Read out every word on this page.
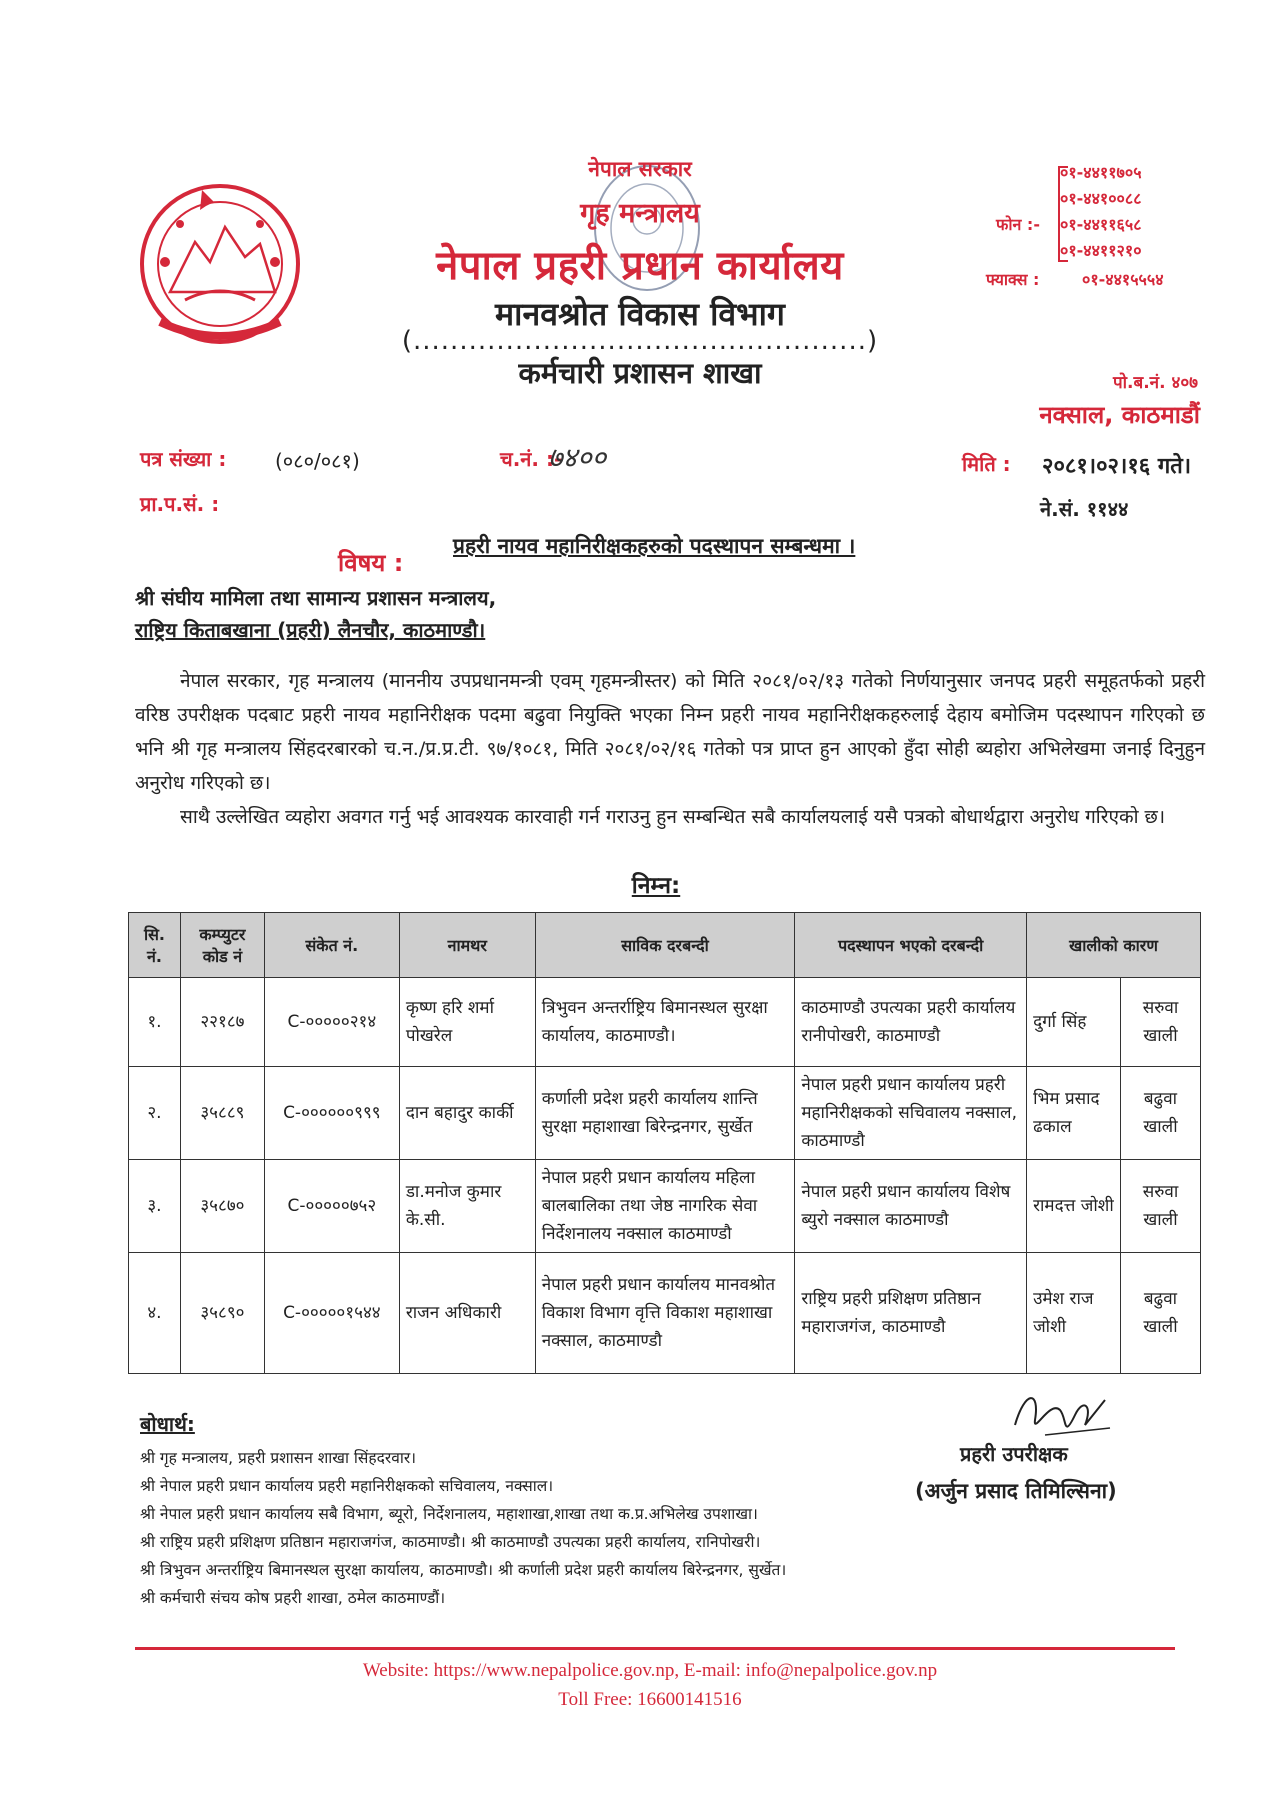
नेपाल सरकार
गृह मन्त्रालय
नेपाल प्रहरी प्रधान कार्यालय
मानवश्रोत विकास विभाग
(.................................................)
कर्मचारी प्रशासन शाखा
फोन :-
०१-४४११७०५
०१-४४१००८८
०१-४४११६५८
०१-४४११२१०
फ्याक्स :	०१-४४१५५५४
पो.ब.नं. ४०७
नक्साल, काठमाडौं
पत्र संख्या : (०८०/०८१)	च.नं. :-
७४००	मिति : २०८१।०२।१६ गते।
प्रा.प.सं. :	ने.सं. ११४४
विषय :
प्रहरी नायव महानिरीक्षकहरुको पदस्थापन सम्बन्धमा ।
श्री संघीय मामिला तथा सामान्य प्रशासन मन्त्रालय,
राष्ट्रिय किताबखाना (प्रहरी) लैनचौर, काठमाण्डौ।
नेपाल सरकार, गृह मन्त्रालय (माननीय उपप्रधानमन्त्री एवम् गृहमन्त्रीस्तर) को मिति २०८१/०२/१३ गतेको निर्णयानुसार जनपद प्रहरी समूहतर्फको प्रहरी वरिष्ठ उपरीक्षक पदबाट प्रहरी नायव महानिरीक्षक पदमा बढुवा नियुक्ति भएका निम्न प्रहरी नायव महानिरीक्षकहरुलाई देहाय बमोजिम पदस्थापन गरिएको छ भनि श्री गृह मन्त्रालय सिंहदरबारको च.न./प्र.प्र.टी. ९७/१०८१, मिति २०८१/०२/१६ गतेको पत्र प्राप्त हुन आएको हुँदा सोही ब्यहोरा अभिलेखमा जनाई दिनुहुन अनुरोध गरिएको छ।
साथै उल्लेखित व्यहोरा अवगत गर्नु भई आवश्यक कारवाही गर्न गराउनु हुन सम्बन्धित सबै कार्यालयलाई यसै पत्रको बोधार्थद्वारा अनुरोध गरिएको छ।
निम्न:
सि. नं.	कम्प्युटर कोड नं	संकेत नं.	नामथर	साविक दरबन्दी	पदस्थापन भएको दरबन्दी	खालीको कारण	
१.	२२१८७	C-०००००२१४	कृष्ण हरि शर्मा पोखरेल	त्रिभुवन अन्तर्राष्ट्रिय बिमानस्थल सुरक्षा कार्यालय, काठमाण्डौ।	काठमाण्डौ उपत्यका प्रहरी कार्यालय रानीपोखरी, काठमाण्डौ	दुर्गा सिंह	सरुवा खाली
२.	३५८८९	C-००००००९९९	दान बहादुर कार्की	कर्णाली प्रदेश प्रहरी कार्यालय शान्ति सुरक्षा महाशाखा बिरेन्द्रनगर, सुर्खेत	नेपाल प्रहरी प्रधान कार्यालय प्रहरी महानिरीक्षकको सचिवालय नक्साल, काठमाण्डौ	भिम प्रसाद ढकाल	बढुवा खाली
३.	३५८७०	C-०००००७५२	डा.मनोज कुमार के.सी.	नेपाल प्रहरी प्रधान कार्यालय महिला बालबालिका तथा जेष्ठ नागरिक सेवा निर्देशनालय नक्साल काठमाण्डौ	नेपाल प्रहरी प्रधान कार्यालय विशेष ब्युरो नक्साल काठमाण्डौ	रामदत्त जोशी	सरुवा खाली
४.	३५८९०	C-०००००१५४४	राजन अधिकारी	नेपाल प्रहरी प्रधान कार्यालय मानवश्रोत विकाश विभाग वृत्ति विकाश महाशाखा नक्साल, काठमाण्डौ	राष्ट्रिय प्रहरी प्रशिक्षण प्रतिष्ठान महाराजगंज, काठमाण्डौ	उमेश राज जोशी	बढुवा खाली
प्रहरी उपरीक्षक
(अर्जुन प्रसाद तिमिल्सिना)
बोधार्थ:
श्री गृह मन्त्रालय, प्रहरी प्रशासन शाखा सिंहदरवार।
श्री नेपाल प्रहरी प्रधान कार्यालय प्रहरी महानिरीक्षकको सचिवालय, नक्साल।
श्री नेपाल प्रहरी प्रधान कार्यालय सबै विभाग, ब्यूरो, निर्देशनालय, महाशाखा,शाखा तथा क.प्र.अभिलेख उपशाखा।
श्री राष्ट्रिय प्रहरी प्रशिक्षण प्रतिष्ठान महाराजगंज, काठमाण्डौ। श्री काठमाण्डौ उपत्यका प्रहरी कार्यालय, रानिपोखरी।
श्री त्रिभुवन अन्तर्राष्ट्रिय बिमानस्थल सुरक्षा कार्यालय, काठमाण्डौ। श्री कर्णाली प्रदेश प्रहरी कार्यालय बिरेन्द्रनगर, सुर्खेत।
श्री कर्मचारी संचय कोष प्रहरी शाखा, ठमेल काठमाण्डौं।
Website: https://www.nepalpolice.gov.np, E-mail: info@nepalpolice.gov.np
Toll Free: 16600141516
